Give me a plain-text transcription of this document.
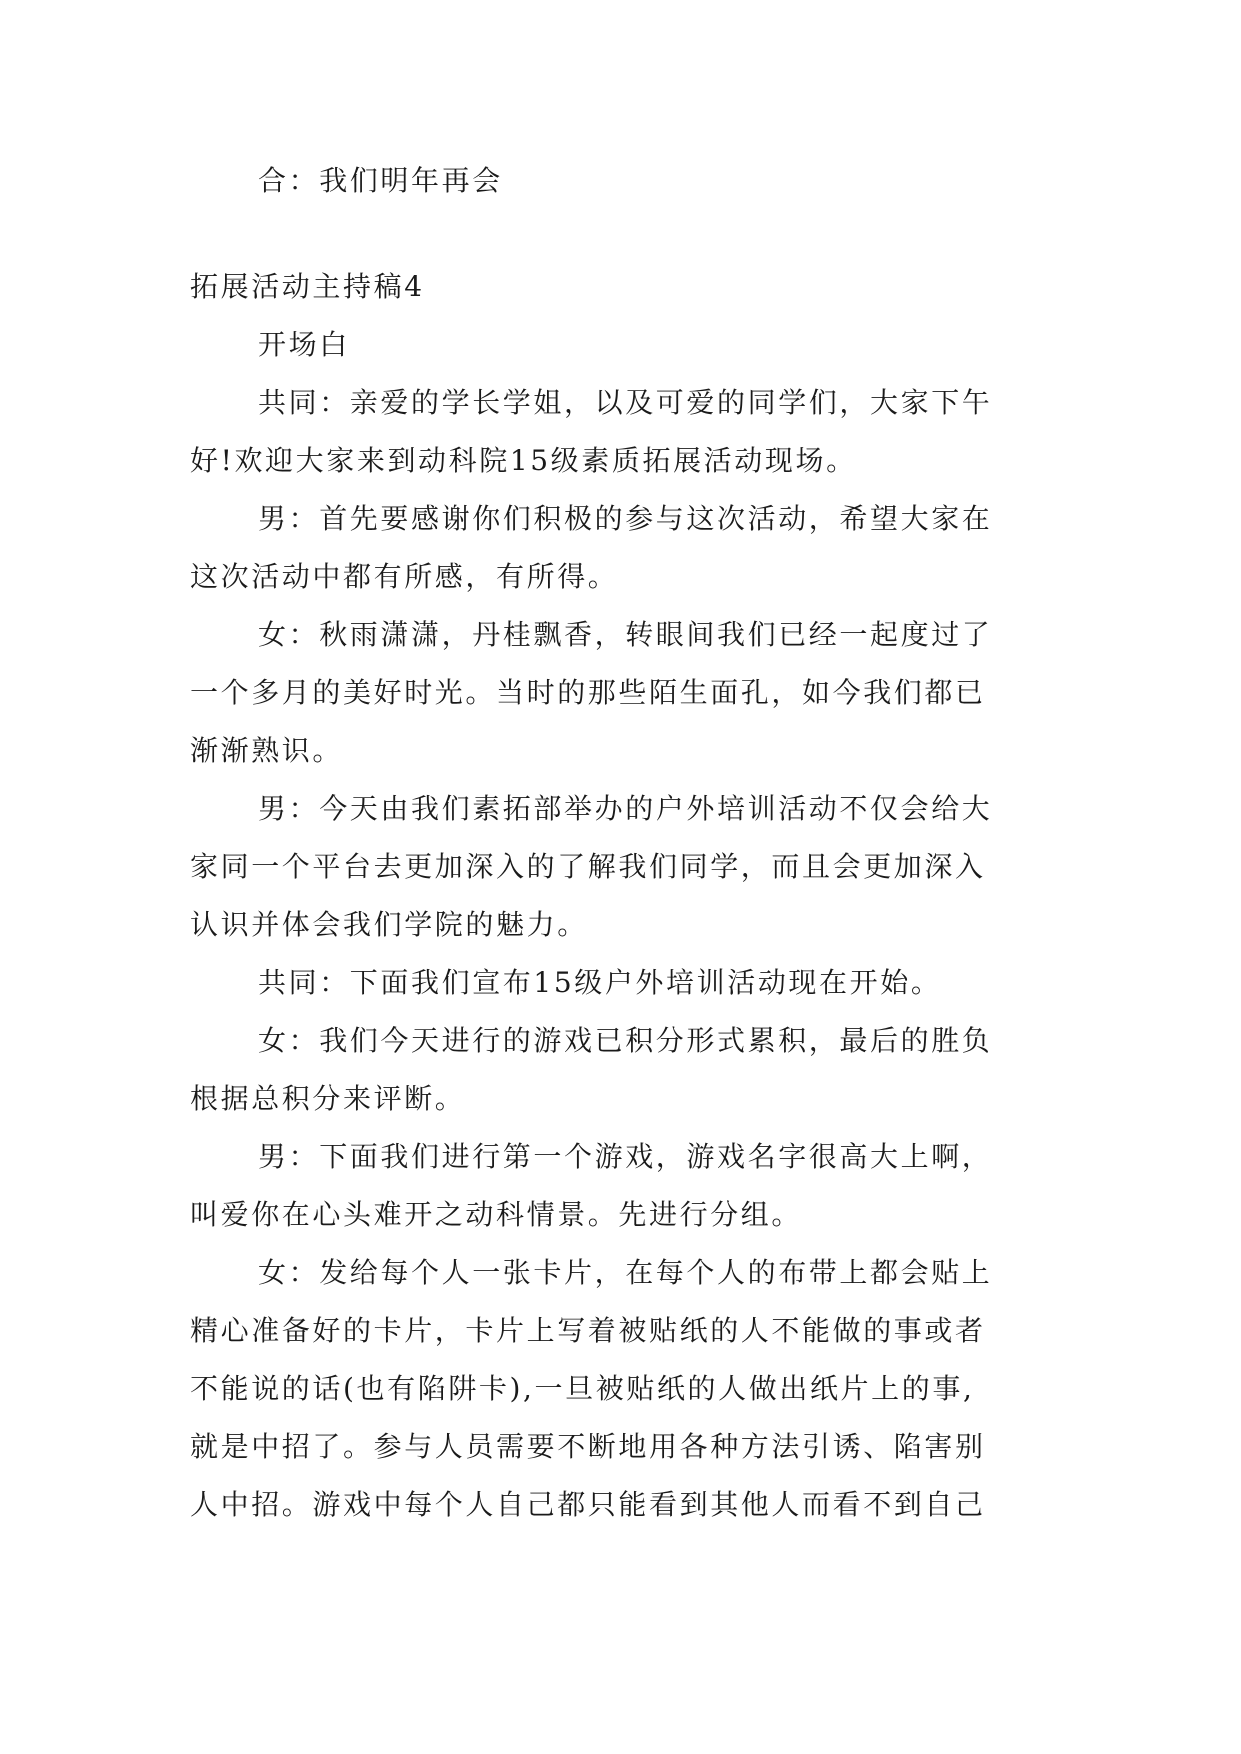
合：我们明年再会
拓展活动主持稿4
开场白
共同：亲爱的学长学姐，以及可爱的同学们，大家下午
好!欢迎大家来到动科院15级素质拓展活动现场。
男：首先要感谢你们积极的参与这次活动，希望大家在
这次活动中都有所感，有所得。
女：秋雨潇潇，丹桂飘香，转眼间我们已经一起度过了
一个多月的美好时光。当时的那些陌生面孔，如今我们都已
渐渐熟识。
男：今天由我们素拓部举办的户外培训活动不仅会给大
家同一个平台去更加深入的了解我们同学，而且会更加深入
认识并体会我们学院的魅力。
共同：下面我们宣布15级户外培训活动现在开始。
女：我们今天进行的游戏已积分形式累积，最后的胜负
根据总积分来评断。
男：下面我们进行第一个游戏，游戏名字很高大上啊，
叫爱你在心头难开之动科情景。先进行分组。
女：发给每个人一张卡片，在每个人的布带上都会贴上
精心准备好的卡片，卡片上写着被贴纸的人不能做的事或者
不能说的话(也有陷阱卡),一旦被贴纸的人做出纸片上的事,
就是中招了。参与人员需要不断地用各种方法引诱、陷害别
人中招。游戏中每个人自己都只能看到其他人而看不到自己
